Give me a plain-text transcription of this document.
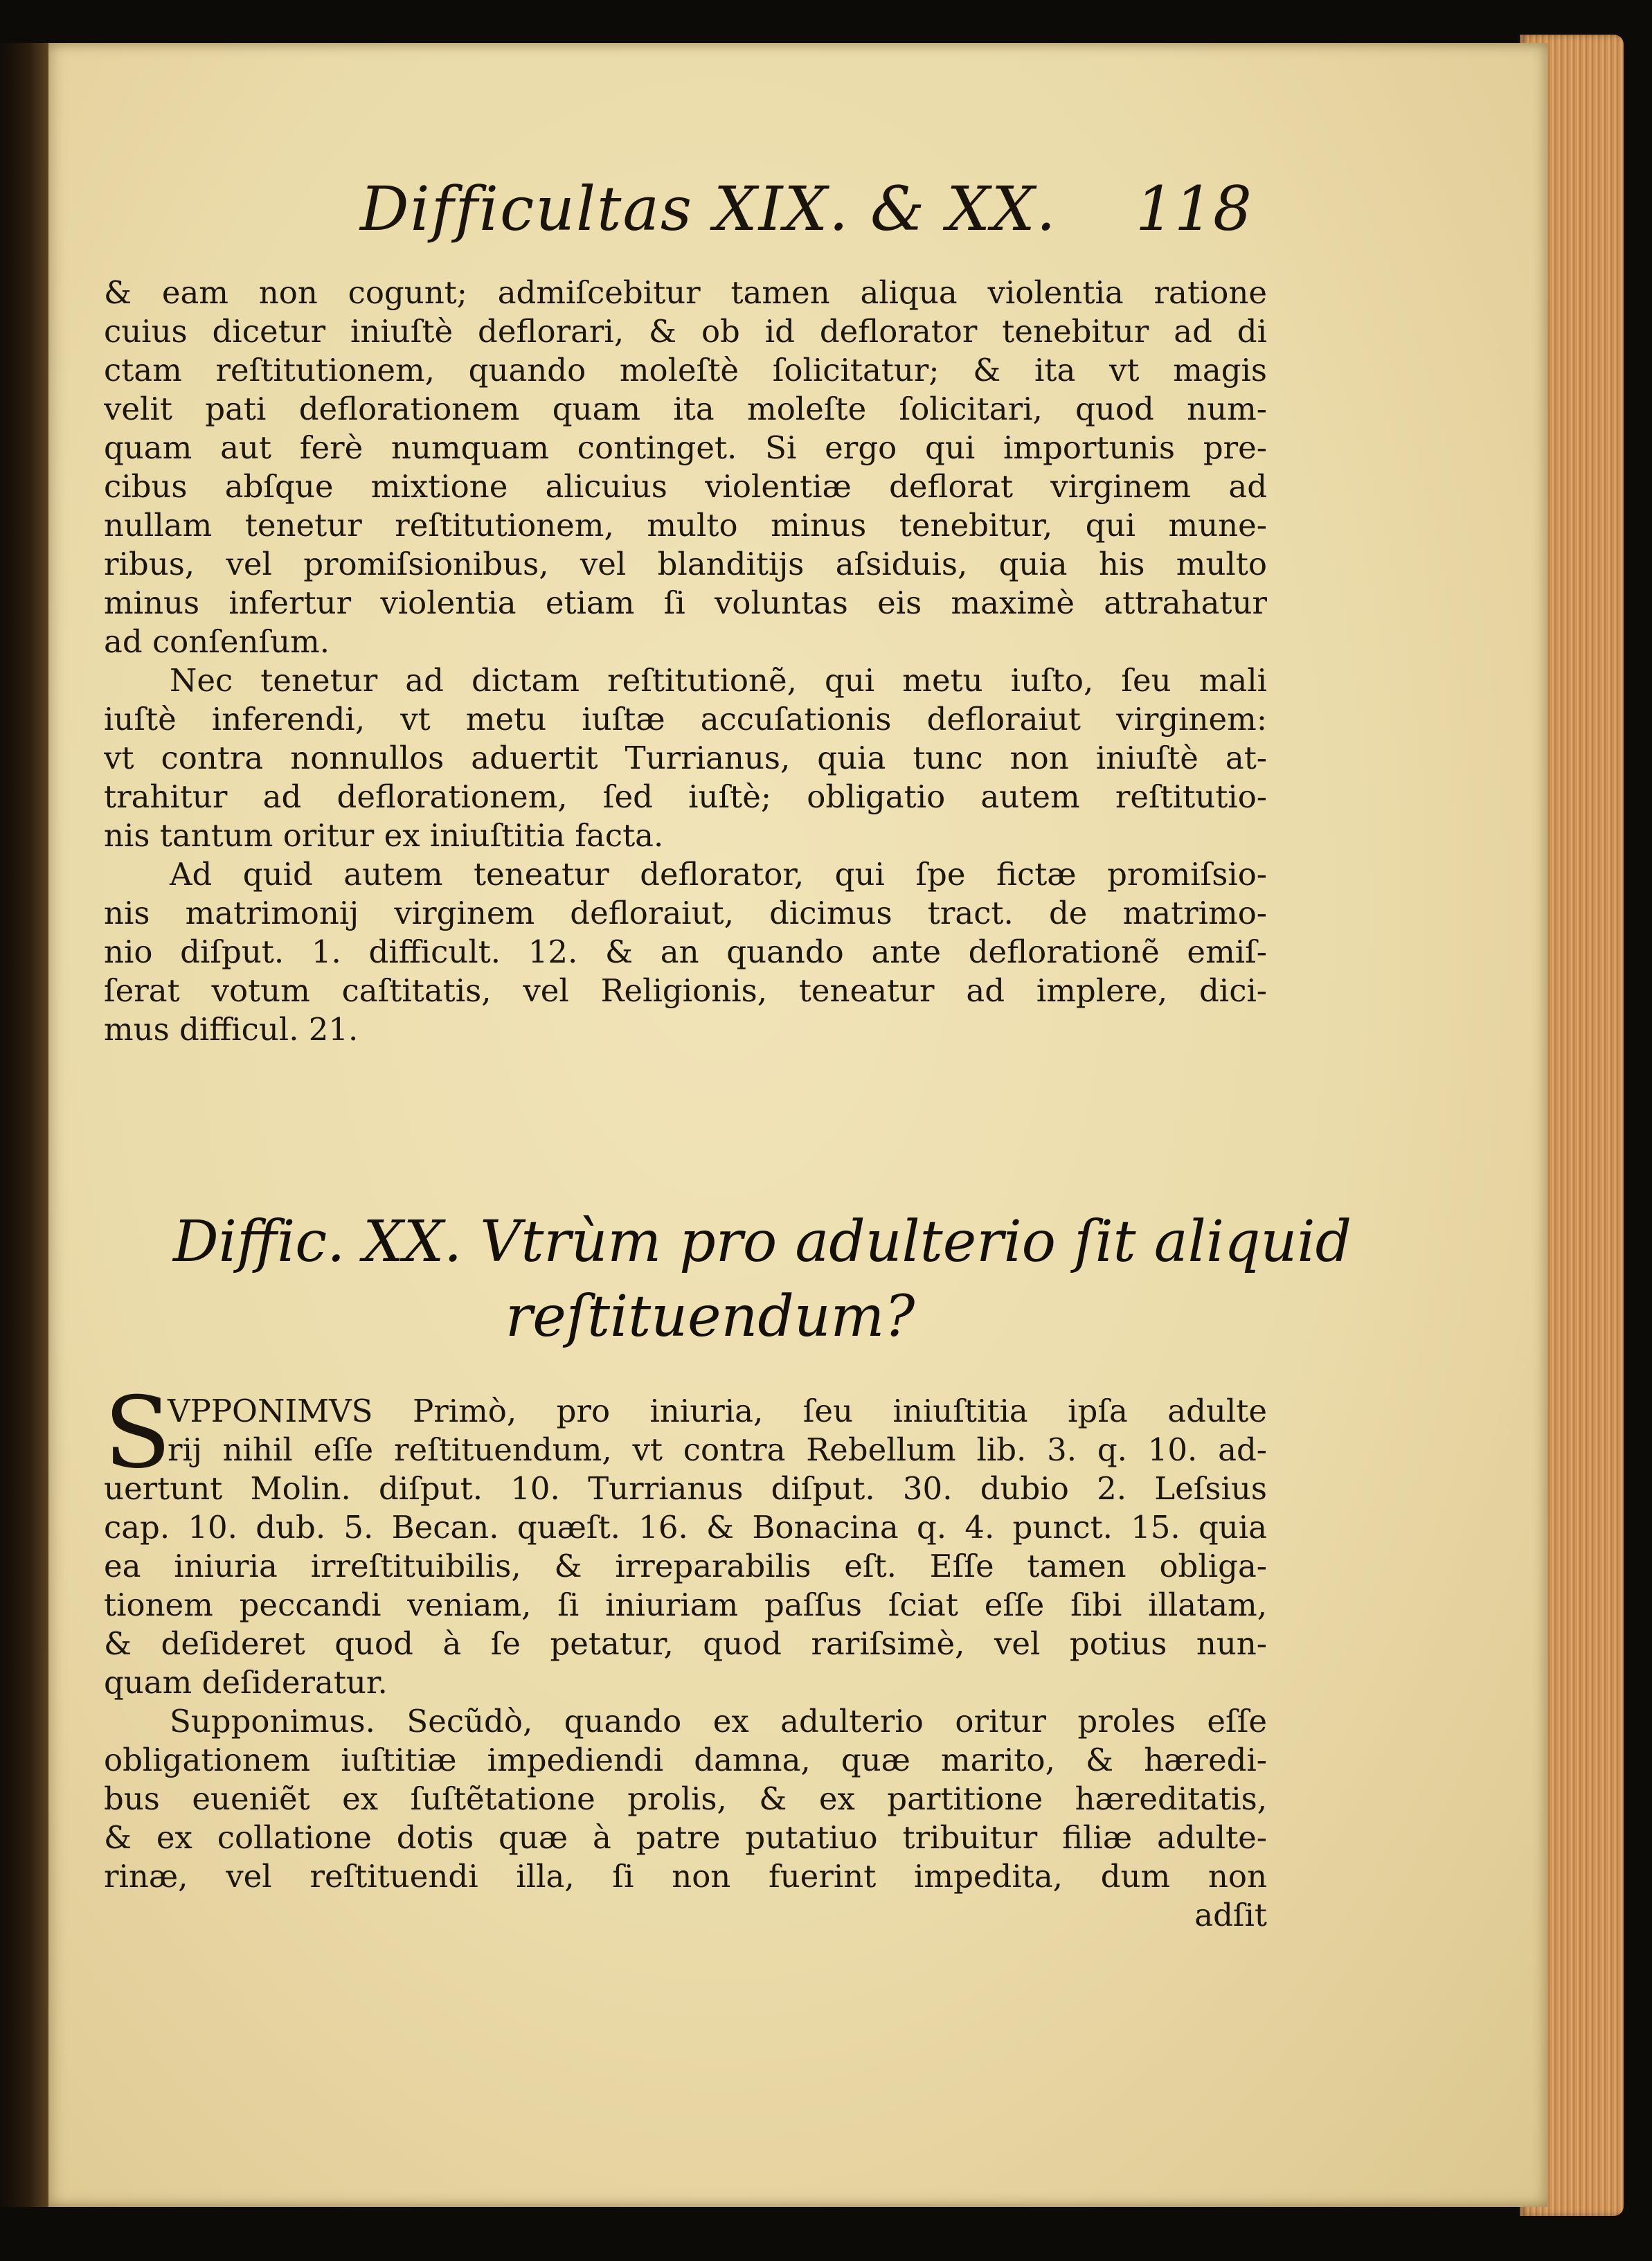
Difficultas XIX. & XX. 118
& eam non cogunt; admiſcebitur tamen aliqua violentia ratione
cuius dicetur iniuſtè deflorari, & ob id deflorator tenebitur ad di
ctam reſtitutionem, quando moleſtè ſolicitatur; & ita vt magis
velit pati deflorationem quam ita moleſte ſolicitari, quod num-
quam aut ferè numquam continget. Si ergo qui importunis pre-
cibus abſque mixtione alicuius violentiæ deflorat virginem ad
nullam tenetur reſtitutionem, multo minus tenebitur, qui mune-
ribus, vel promiſsionibus, vel blanditijs aſsiduis, quia his multo
minus infertur violentia etiam ſi voluntas eis maximè attrahatur
ad conſenſum.
Nec tenetur ad dictam reſtitutionẽ, qui metu iuſto, ſeu mali
iuſtè inferendi, vt metu iuſtæ accuſationis defloraiut virginem:
vt contra nonnullos aduertit Turrianus, quia tunc non iniuſtè at-
trahitur ad deflorationem, ſed iuſtè; obligatio autem reſtitutio-
nis tantum oritur ex iniuſtitia facta.
Ad quid autem teneatur deflorator, qui ſpe fictæ promiſsio-
nis matrimonij virginem defloraiut, dicimus tract. de matrimo-
nio diſput. 1. difficult. 12. & an quando ante deflorationẽ emiſ-
ſerat votum caſtitatis, vel Religionis, teneatur ad implere, dici-
mus difficul. 21.
Diffic. XX. Vtrùm pro adulterio ſit aliquid
reſtituendum?
S
VPPONIMVS Primò, pro iniuria, ſeu iniuſtitia ipſa adulte
rij nihil eſſe reſtituendum, vt contra Rebellum lib. 3. q. 10. ad-
uertunt Molin. diſput. 10. Turrianus diſput. 30. dubio 2. Leſsius
cap. 10. dub. 5. Becan. quæſt. 16. & Bonacina q. 4. punct. 15. quia
ea iniuria irreſtituibilis, & irreparabilis eſt. Eſſe tamen obliga-
tionem peccandi veniam, ſi iniuriam paſſus ſciat eſſe ſibi illatam,
& deſideret quod à ſe petatur, quod rariſsimè, vel potius nun-
quam deſideratur.
Supponimus. Secũdò, quando ex adulterio oritur proles eſſe
obligationem iuſtitiæ impediendi damna, quæ marito, & hæredi-
bus eueniẽt ex ſuſtẽtatione prolis, & ex partitione hæreditatis,
& ex collatione dotis quæ à patre putatiuo tribuitur filiæ adulte-
rinæ, vel reſtituendi illa, ſi non fuerint impedita, dum non
adſit
